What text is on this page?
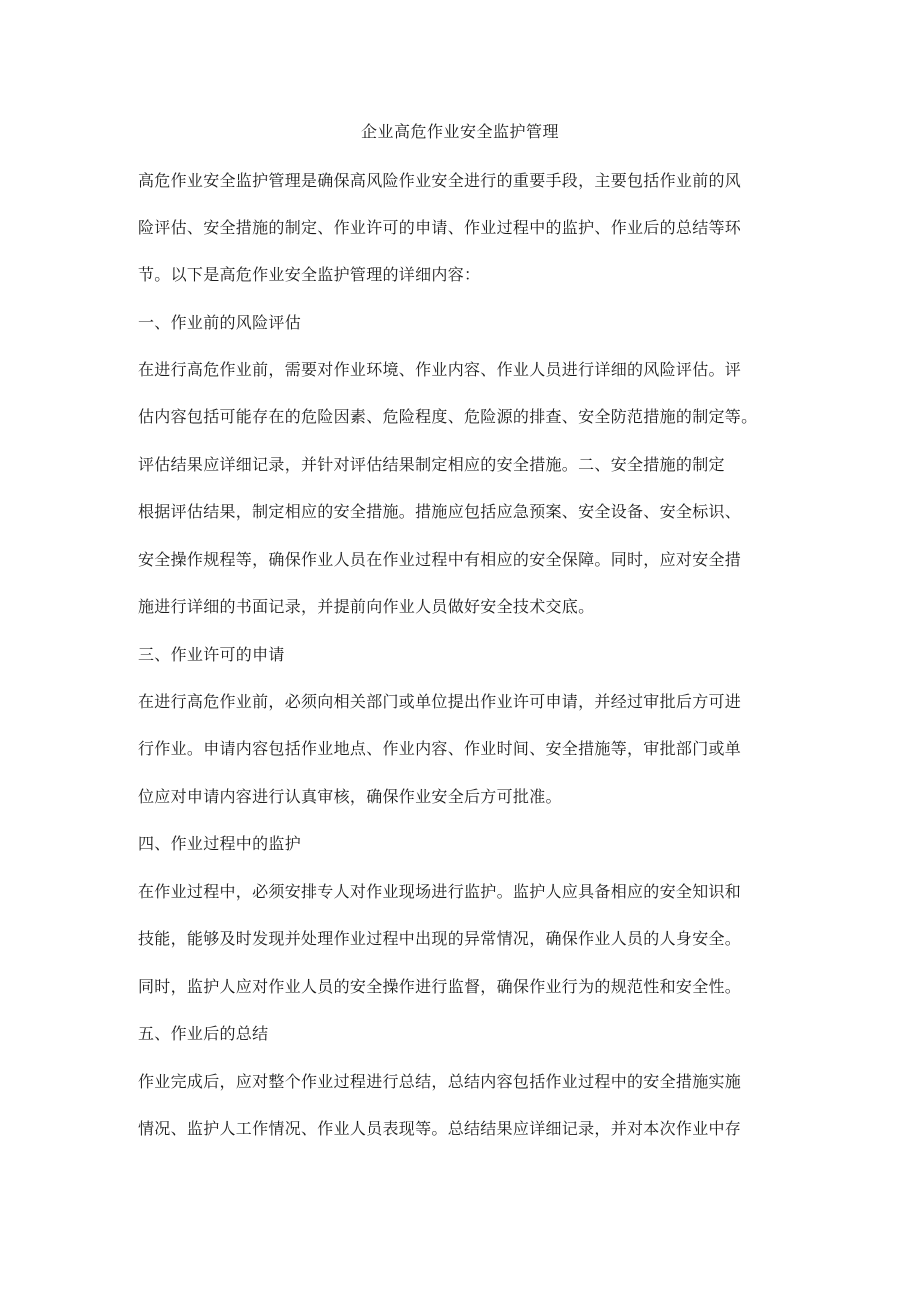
企业高危作业安全监护管理
高危作业安全监护管理是确保高风险作业安全进行的重要手段，主要包括作业前的风
险评估、安全措施的制定、作业许可的申请、作业过程中的监护、作业后的总结等环
节。以下是高危作业安全监护管理的详细内容：
一、作业前的风险评估
在进行高危作业前，需要对作业环境、作业内容、作业人员进行详细的风险评估。评
估内容包括可能存在的危险因素、危险程度、危险源的排查、安全防范措施的制定等。
评估结果应详细记录，并针对评估结果制定相应的安全措施。二、安全措施的制定
根据评估结果，制定相应的安全措施。措施应包括应急预案、安全设备、安全标识、
安全操作规程等，确保作业人员在作业过程中有相应的安全保障。同时，应对安全措
施进行详细的书面记录，并提前向作业人员做好安全技术交底。
三、作业许可的申请
在进行高危作业前，必须向相关部门或单位提出作业许可申请，并经过审批后方可进
行作业。申请内容包括作业地点、作业内容、作业时间、安全措施等，审批部门或单
位应对申请内容进行认真审核，确保作业安全后方可批准。
四、作业过程中的监护
在作业过程中，必须安排专人对作业现场进行监护。监护人应具备相应的安全知识和
技能，能够及时发现并处理作业过程中出现的异常情况，确保作业人员的人身安全。
同时，监护人应对作业人员的安全操作进行监督，确保作业行为的规范性和安全性。
五、作业后的总结
作业完成后，应对整个作业过程进行总结，总结内容包括作业过程中的安全措施实施
情况、监护人工作情况、作业人员表现等。总结结果应详细记录，并对本次作业中存
